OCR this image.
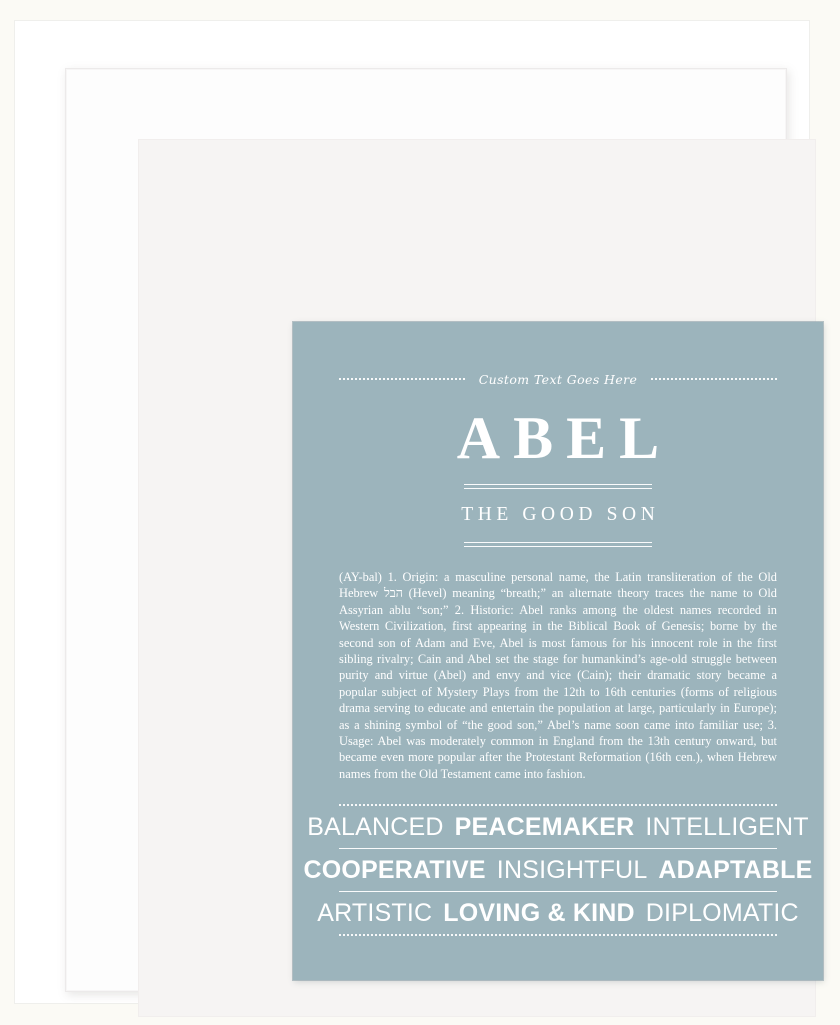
Custom Text Goes Here
ABEL
THE GOOD SON
(AY-bal) 1. Origin: a masculine personal name, the Latin transliteration of the Old Hebrew הבל (Hevel) meaning “breath;” an alternate theory traces the name to Old Assyrian ablu “son;” 2. Historic: Abel ranks among the oldest names recorded in Western Civilization, first appearing in the Biblical Book of Genesis; borne by the second son of Adam and Eve, Abel is most famous for his innocent role in the first sibling rivalry; Cain and Abel set the stage for humankind’s age-old struggle between purity and virtue (Abel) and envy and vice (Cain); their dramatic story became a popular subject of Mystery Plays from the 12th to 16th centuries (forms of religious drama serving to educate and entertain the population at large, particularly in Europe); as a shining symbol of “the good son,” Abel’s name soon came into familiar use; 3. Usage: Abel was moderately common in England from the 13th century onward, but became even more popular after the Protestant Reformation (16th cen.), when Hebrew names from the Old Testament came into fashion.
BALANCED PEACEMAKER INTELLIGENT
COOPERATIVE INSIGHTFUL ADAPTABLE
ARTISTIC LOVING & KIND DIPLOMATIC
